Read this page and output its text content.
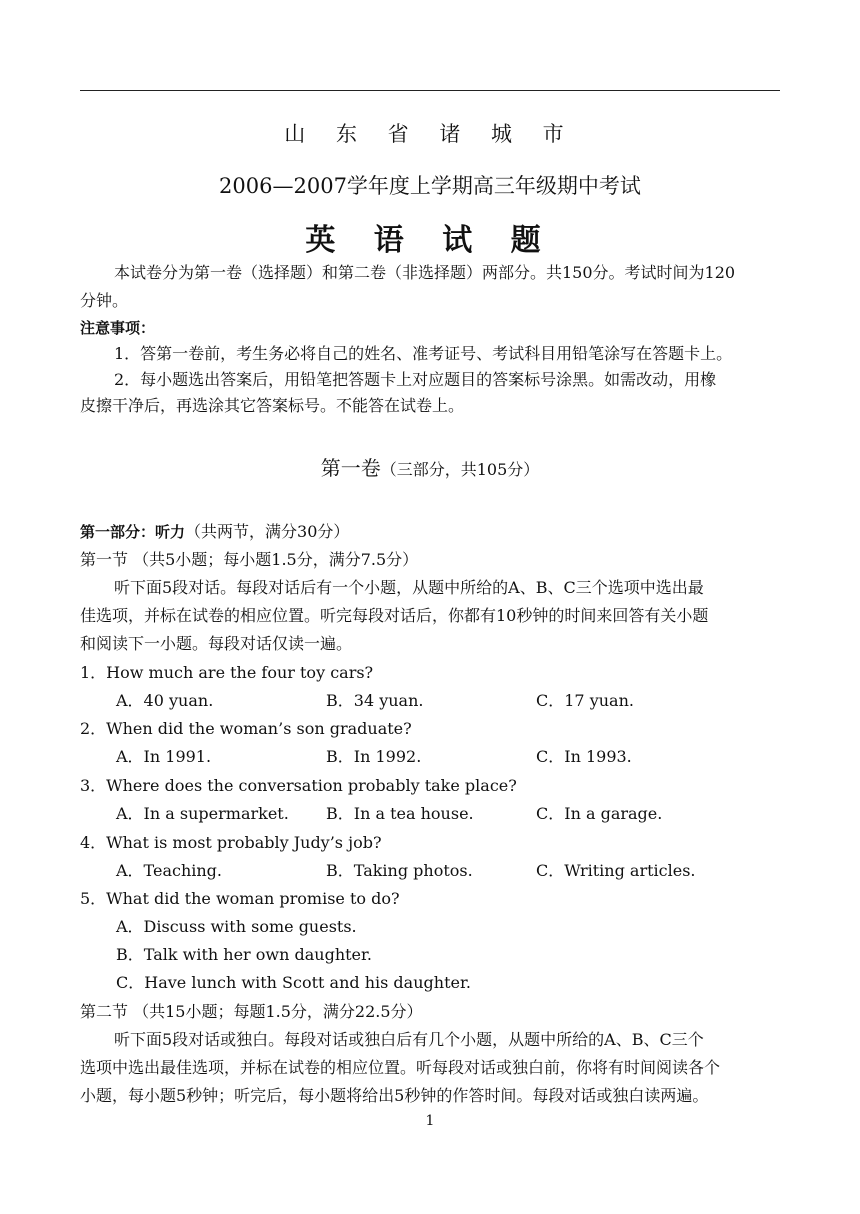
山 东 省 诸 城 市
2006—2007学年度上学期高三年级期中考试
英 语 试 题
本试卷分为第一卷（选择题）和第二卷（非选择题）两部分。共150分。考试时间为120
分钟。
注意事项：
1．答第一卷前，考生务必将自己的姓名、准考证号、考试科目用铅笔涂写在答题卡上。
2．每小题选出答案后，用铅笔把答题卡上对应题目的答案标号涂黑。如需改动，用橡
皮擦干净后，再选涂其它答案标号。不能答在试卷上。
第一卷（三部分，共105分）
第一部分：听力（共两节，满分30分）
第一节 （共5小题；每小题1.5分，满分7.5分）
听下面5段对话。每段对话后有一个小题，从题中所给的A、B、C三个选项中选出最
佳选项，并标在试卷的相应位置。听完每段对话后，你都有10秒钟的时间来回答有关小题
和阅读下一小题。每段对话仅读一遍。
1．How much are the four toy cars?
A．40 yuan.	B．34 yuan.	C．17 yuan.
2．When did the woman’s son graduate?
A．In 1991.	B．In 1992.	C．In 1993.
3．Where does the conversation probably take place?
A．In a supermarket. B．In a tea house.	C．In a garage.
4．What is most probably Judy’s job?
A．Teaching.	B．Taking photos.	C．Writing articles.
5．What did the woman promise to do?
A．Discuss with some guests.
B．Talk with her own daughter.
C．Have lunch with Scott and his daughter.
第二节 （共15小题；每题1.5分，满分22.5分）
听下面5段对话或独白。每段对话或独白后有几个小题，从题中所给的A、B、C三个
选项中选出最佳选项，并标在试卷的相应位置。听每段对话或独白前，你将有时间阅读各个
小题，每小题5秒钟；听完后，每小题将给出5秒钟的作答时间。每段对话或独白读两遍。
1
